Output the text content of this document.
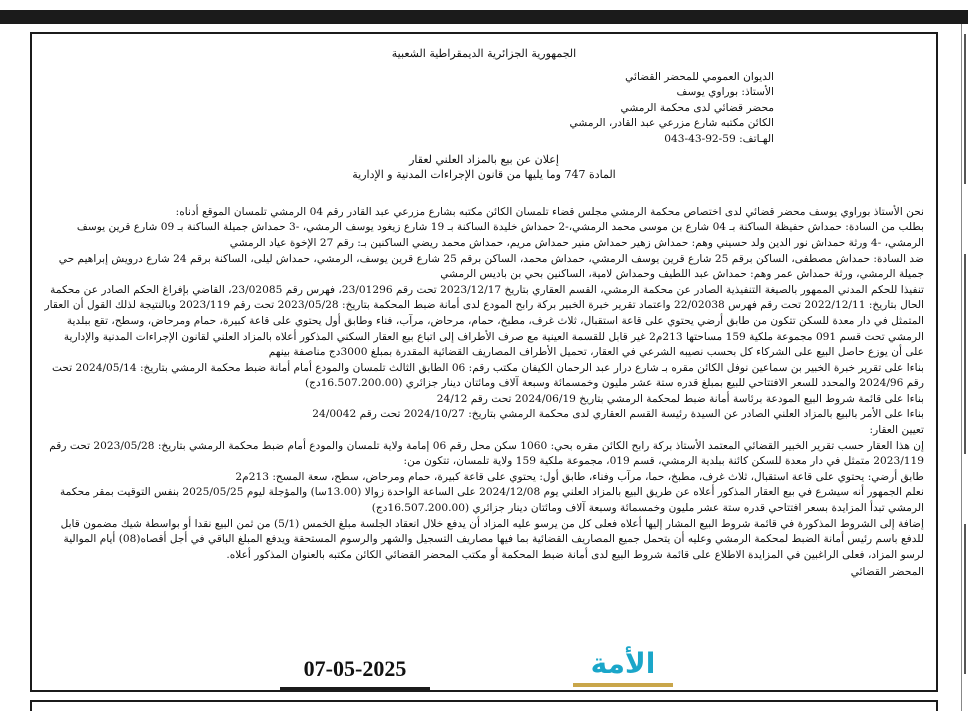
الجمهورية الجزائرية الديمقراطية الشعبية
الديوان العمومي للمحضر القضائي
الأستاذ: بوراوي يوسف
محضر قضائي لدى محكمة الرمشي
الكائن مكتبه شارع مزرعي عبد القادر، الرمشي
الهـاتف: 59-92-43-043
إعلان عن بيع بالمزاد العلني لعقار
المادة 747 وما يليها من قانون الإجراءات المدنية و الإدارية
نحن الأستاذ بوراوي يوسف محضر قضائي لدى اختصاص محكمة الرمشي مجلس قضاء تلمسان الكائن مكتبه بشارع مزرعي عبد القادر رقم 04 الرمشي تلمسان الموقع أدناه:
بطلب من السادة: حمداش حفيظة الساكنة بـ 04 شارع بن موسى محمد الرمشي،-2 حمداش خليدة الساكنة بـ 19 شارع زيغود يوسف الرمشي، -3 حمداش جميلة الساكنة بـ 09 شارع قرين يوسف الرمشي، -4 ورثة حمداش نور الدين ولد حسيني وهم: حمداش زهير حمداش منير حمداش مريم، حمداش محمد ريضي الساكنين بـ: رقم 27 الإخوة عياد الرمشي
ضد السادة: حمداش مصطفى، الساكن برقم 25 شارع قرين يوسف الرمشي، حمداش محمد، الساكن برقم 25 شارع قرين يوسف، الرمشي، حمداش ليلى، الساكنة برقم 24 شارع درويش إبراهيم حي جميلة الرمشي، ورثة حمداش عمر وهم: حمداش عبد اللطيف وحمداش لامية، الساكنين بحي بن باديس الرمشي
تنفيذا للحكم المدني الممهور بالصيغة التنفيذية الصادر عن محكمة الرمشي، القسم العقاري بتاريخ 2023/12/17 تحت رقم 23/01296، فهرس رقم 23/02085، القاضي بإفراغ الحكم الصادر عن محكمة الحال بتاريخ: 2022/12/11 تحت رقم فهرس 22/02038 واعتماد تقرير خبرة الخبير بركة رابح المودع لدى أمانة ضبط المحكمة بتاريخ: 2023/05/28 تحت رقم 2023/119 وبالنتيجة لذلك القول أن العقار المتمثل في دار معدة للسكن تتكون من طابق أرضي يحتوي على قاعة استقبال، ثلاث غرف، مطبخ، حمام، مرحاض، مرآب، فناء وطابق أول يحتوي على قاعة كبيرة، حمام ومرحاض، وسطح، تقع ببلدية الرمشي تحت قسم 091 مجموعة ملكية 159 مساحتها 213م2 غير قابل للقسمة العينية مع صرف الأطراف إلى اتباع بيع العقار السكني المذكور أعلاه بالمزاد العلني لقانون الإجراءات المدنية والإدارية على أن يوزع حاصل البيع على الشركاء كل بحسب نصيبه الشرعي في العقار، تحميل الأطراف المصاريف القضائية المقدرة بمبلغ 3000دج مناصفة بينهم
بناءا على تقرير خبرة الخبير بن سماعين نوفل الكائن مقره بـ شارع درار عبد الرحمان الكيفان مكتب رقم: 06 الطابق الثالث تلمسان والمودع أمام أمانة ضبط محكمة الرمشي بتاريخ: 2024/05/14 تحت رقم 2024/96 والمحدد للسعر الافتتاحي للبيع بمبلغ قدره ستة عشر مليون وخمسمائة وسبعة آلاف ومائتان دينار جزائري (16.507.200.00دج)
بناءا على قائمة شروط البيع المودعة برئاسة أمانة ضبط لمحكمة الرمشي بتاريخ 2024/06/19 تحت رقم 24/12
بناءا على الأمر بالبيع بالمزاد العلني الصادر عن السيدة رئيسة القسم العقاري لدى محكمة الرمشي بتاريخ: 2024/10/27 تحت رقم 24/0042
تعيين العقار:
إن هذا العقار حسب تقرير الخبير القضائي المعتمد الأستاذ بركة رابح الكائن مقره بحي: 1060 سكن محل رقم 06 إمامة ولاية تلمسان والمودع أمام ضبط محكمة الرمشي بتاريخ: 2023/05/28 تحت رقم 2023/119 متمثل في دار معدة للسكن كائنة ببلدية الرمشي، قسم 019، مجموعة ملكية 159 ولاية تلمسان، تتكون من:
طابق أرضي: يحتوي على قاعة استقبال، ثلاث غرف، مطبخ، حما، مرآب وفناء، طابق أول: يحتوي على قاعة كبيرة، حمام ومرحاض، سطح، سعة المسح: 213م2
نعلم الجمهور أنه سيشرع في بيع العقار المذكور أعلاه عن طريق البيع بالمزاد العلني يوم 2024/12/08 على الساعة الواحدة زوالا (13.00سا) والمؤجلة ليوم 2025/05/25 بنفس التوقيت بمقر محكمة الرمشي تبدأ المزايدة بسعر افتتاحي قدره ستة عشر مليون وخمسمائة وسبعة آلاف ومائتان دينار جزائري (16.507.200.00دج)
إضافة إلى الشروط المذكورة في قائمة شروط البيع المشار إليها أعلاه فعلى كل من يرسو عليه المزاد أن يدفع خلال انعقاد الجلسة مبلغ الخمس (5/1) من ثمن البيع نقدا أو بواسطة شيك مضمون قابل للدفع باسم رئيس أمانة الضبط لمحكمة الرمشي وعليه أن يتحمل جميع المصاريف القضائية بما فيها مصاريف التسجيل والشهر والرسوم المستحقة ويدفع المبلغ الباقي في أجل أقصاه(08) أيام الموالية لرسو المزاد، فعلى الراغبين في المزايدة الاطلاع على قائمة شروط البيع لدى أمانة ضبط المحكمة أو مكتب المحضر القضائي الكائن مكتبه بالعنوان المذكور أعلاه.
المحضر القضائي
07-05-2025	الأمة
